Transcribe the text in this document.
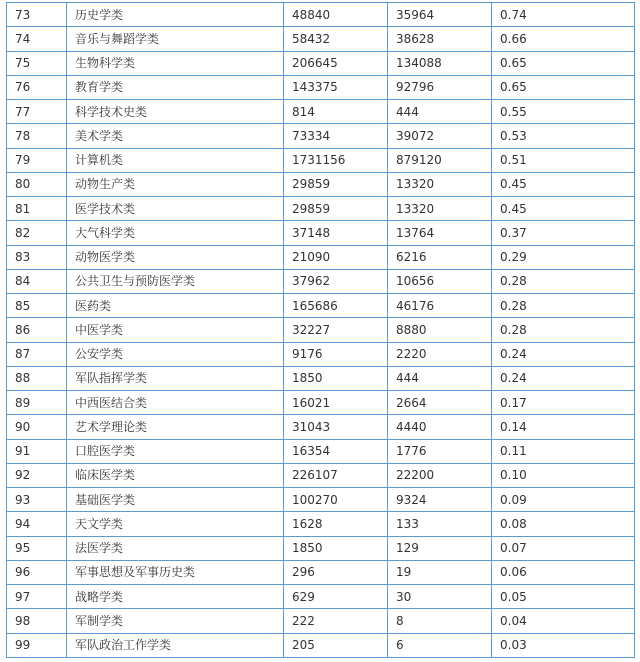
73	历史学类	48840	35964	0.74
74	音乐与舞蹈学类	58432	38628	0.66
75	生物科学类	206645	134088	0.65
76	教育学类	143375	92796	0.65
77	科学技术史类	814	444	0.55
78	美术学类	73334	39072	0.53
79	计算机类	1731156	879120	0.51
80	动物生产类	29859	13320	0.45
81	医学技术类	29859	13320	0.45
82	大气科学类	37148	13764	0.37
83	动物医学类	21090	6216	0.29
84	公共卫生与预防医学类	37962	10656	0.28
85	医药类	165686	46176	0.28
86	中医学类	32227	8880	0.28
87	公安学类	9176	2220	0.24
88	军队指挥学类	1850	444	0.24
89	中西医结合类	16021	2664	0.17
90	艺术学理论类	31043	4440	0.14
91	口腔医学类	16354	1776	0.11
92	临床医学类	226107	22200	0.10
93	基础医学类	100270	9324	0.09
94	天文学类	1628	133	0.08
95	法医学类	1850	129	0.07
96	军事思想及军事历史类	296	19	0.06
97	战略学类	629	30	0.05
98	军制学类	222	8	0.04
99	军队政治工作学类	205	6	0.03
